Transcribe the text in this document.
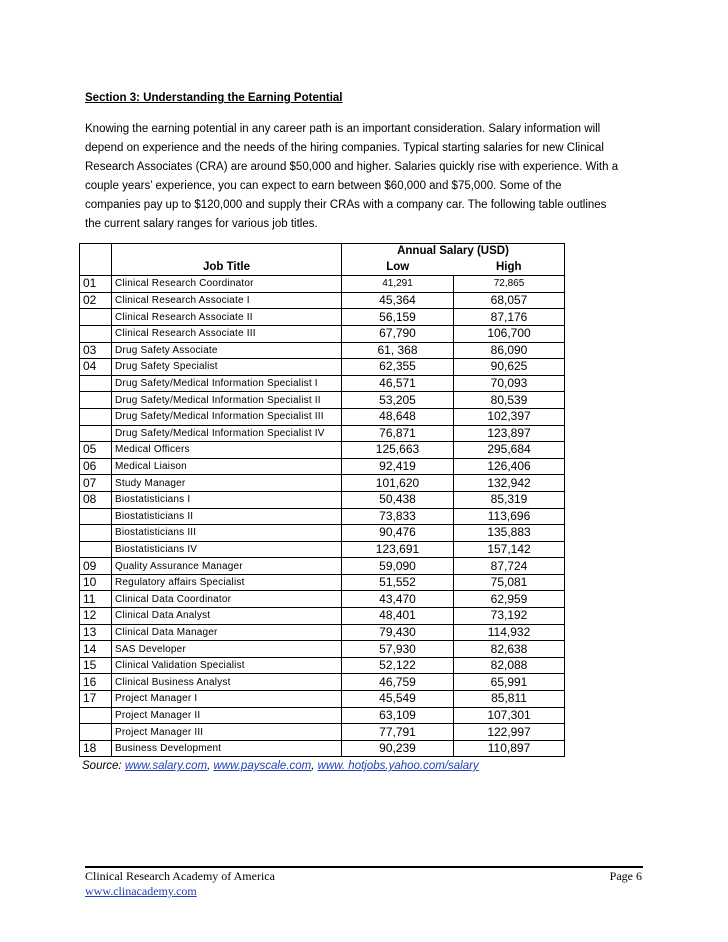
Section 3: Understanding the Earning Potential
Knowing the earning potential in any career path is an important consideration. Salary information will
depend on experience and the needs of the hiring companies. Typical starting salaries for new Clinical
Research Associates (CRA) are around $50,000 and higher. Salaries quickly rise with experience. With a
couple years’ experience, you can expect to earn between $60,000 and $75,000. Some of the
companies pay up to $120,000 and supply their CRAs with a company car. The following table outlines
the current salary ranges for various job titles.
	Job Title	Annual Salary (USD)	
		Low	High
01	Clinical Research Coordinator	41,291	72,865
02	Clinical Research Associate I	45,364	68,057
	Clinical Research Associate II	56,159	87,176
	Clinical Research Associate III	67,790	106,700
03	Drug Safety Associate	61, 368	86,090
04	Drug Safety Specialist	62,355	90,625
	Drug Safety/Medical Information Specialist I	46,571	70,093
	Drug Safety/Medical Information Specialist II	53,205	80,539
	Drug Safety/Medical Information Specialist III	48,648	102,397
	Drug Safety/Medical Information Specialist IV	76,871	123,897
05	Medical Officers	125,663	295,684
06	Medical Liaison	92,419	126,406
07	Study Manager	101,620	132,942
08	Biostatisticians I	50,438	85,319
	Biostatisticians II	73,833	113,696
	Biostatisticians III	90,476	135,883
	Biostatisticians IV	123,691	157,142
09	Quality Assurance Manager	59,090	87,724
10	Regulatory affairs Specialist	51,552	75,081
11	Clinical Data Coordinator	43,470	62,959
12	Clinical Data Analyst	48,401	73,192
13	Clinical Data Manager	79,430	114,932
14	SAS Developer	57,930	82,638
15	Clinical Validation Specialist	52,122	82,088
16	Clinical Business Analyst	46,759	65,991
17	Project Manager I	45,549	85,811
	Project Manager II	63,109	107,301
	Project Manager III	77,791	122,997
18	Business Development	90,239	110,897
Source: www.salary.com, www.payscale.com, www. hotjobs.yahoo.com/salary
Clinical Research Academy of America	Page 6
www.clinacademy.com
